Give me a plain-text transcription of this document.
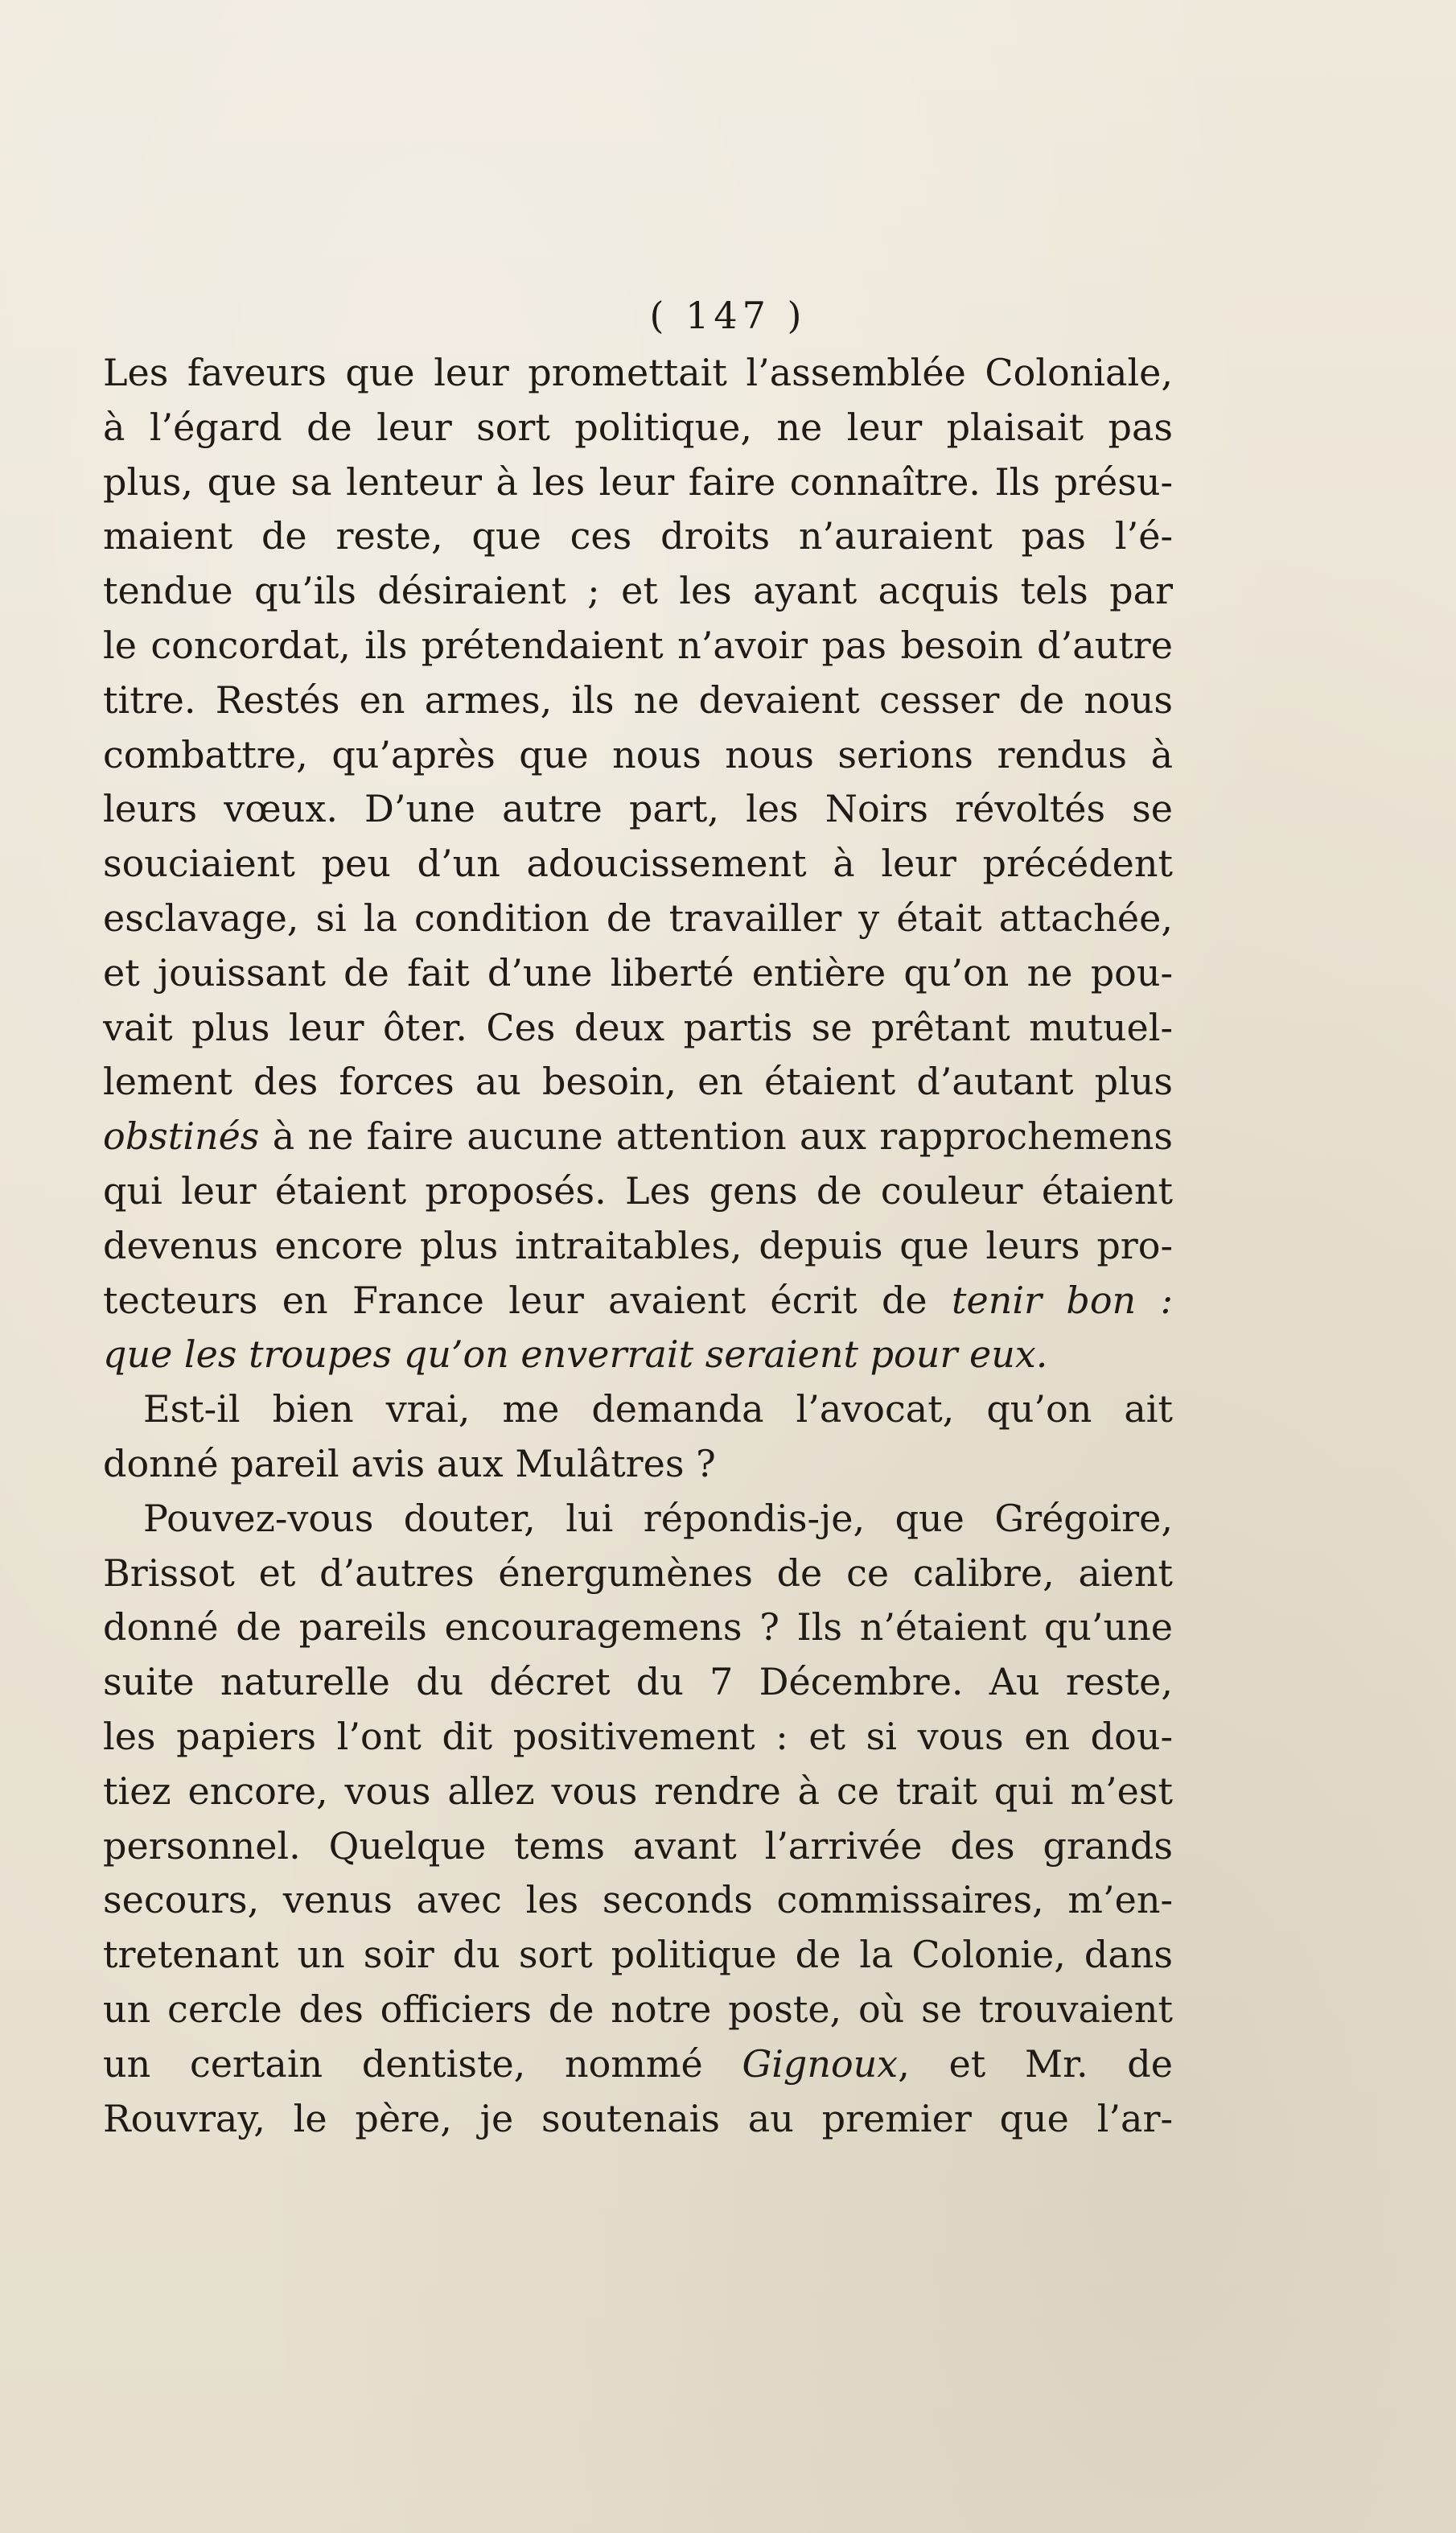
( 147 )
Les faveurs que leur promettait l’assemblée Coloniale,
à l’égard de leur sort politique, ne leur plaisait pas
plus, que sa lenteur à les leur faire connaître. Ils présu-
maient de reste, que ces droits n’auraient pas l’é-
tendue qu’ils désiraient ; et les ayant acquis tels par
le concordat, ils prétendaient n’avoir pas besoin d’autre
titre. Restés en armes, ils ne devaient cesser de nous
combattre, qu’après que nous nous serions rendus à
leurs vœux. D’une autre part, les Noirs révoltés se
souciaient peu d’un adoucissement à leur précédent
esclavage, si la condition de travailler y était attachée,
et jouissant de fait d’une liberté entière qu’on ne pou-
vait plus leur ôter. Ces deux partis se prêtant mutuel-
lement des forces au besoin, en étaient d’autant plus
obstinés à ne faire aucune attention aux rapprochemens
qui leur étaient proposés. Les gens de couleur étaient
devenus encore plus intraitables, depuis que leurs pro-
tecteurs en France leur avaient écrit de tenir bon :
que les troupes qu’on enverrait seraient pour eux.
Est-il bien vrai, me demanda l’avocat, qu’on ait
donné pareil avis aux Mulâtres ?
Pouvez-vous douter, lui répondis-je, que Grégoire,
Brissot et d’autres énergumènes de ce calibre, aient
donné de pareils encouragemens ? Ils n’étaient qu’une
suite naturelle du décret du 7 Décembre. Au reste,
les papiers l’ont dit positivement : et si vous en dou-
tiez encore, vous allez vous rendre à ce trait qui m’est
personnel. Quelque tems avant l’arrivée des grands
secours, venus avec les seconds commissaires, m’en-
tretenant un soir du sort politique de la Colonie, dans
un cercle des officiers de notre poste, où se trouvaient
un certain dentiste, nommé Gignoux, et Mr. de
Rouvray, le père, je soutenais au premier que l’ar-
